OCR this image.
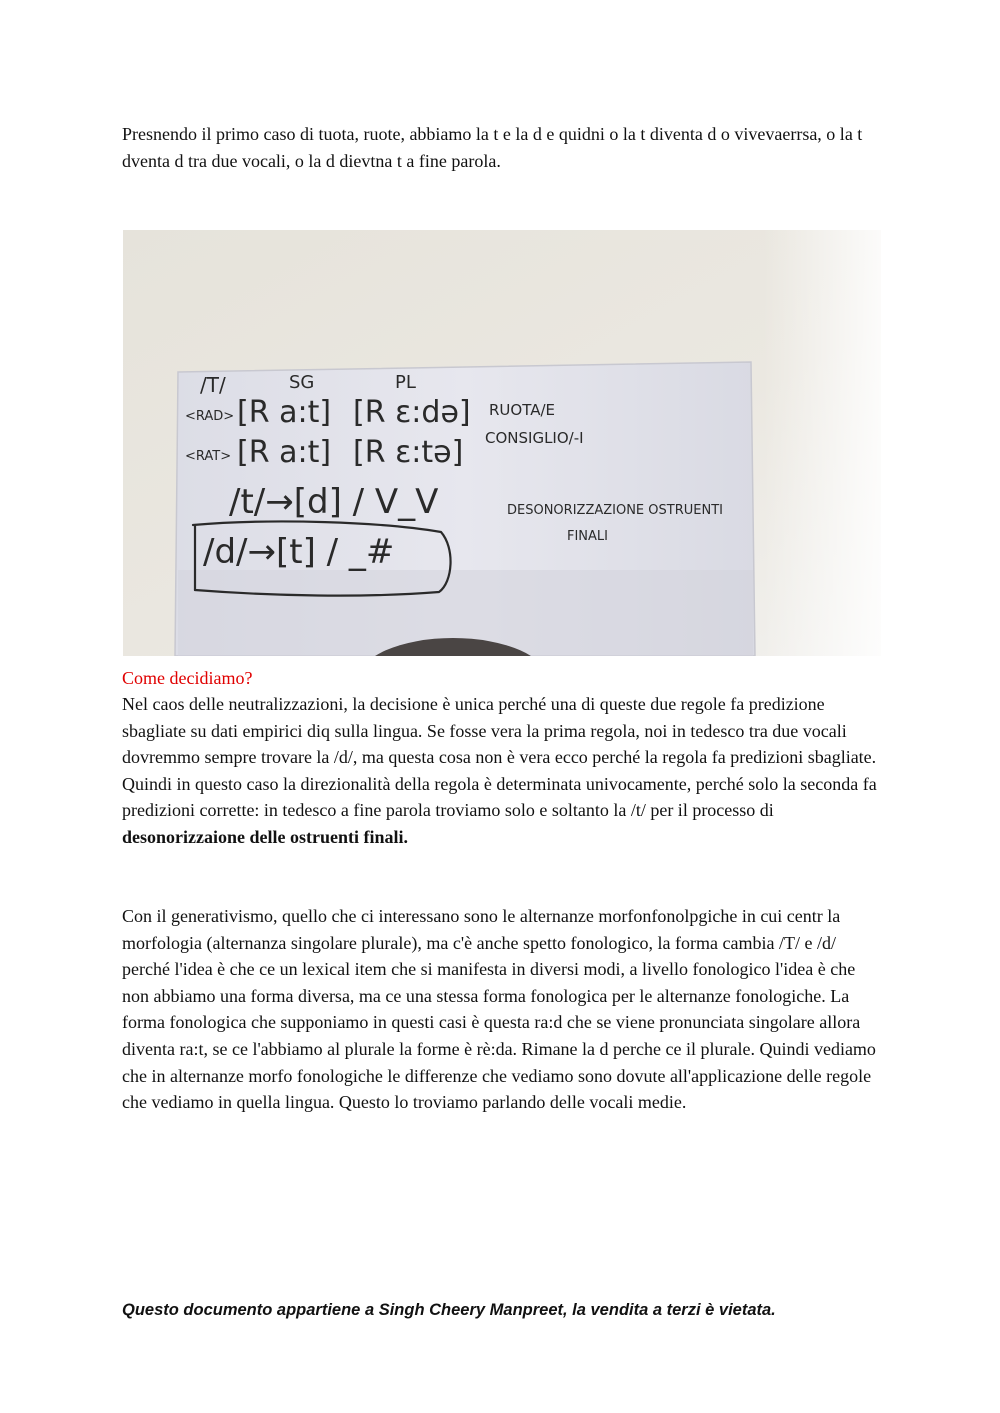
Presnendo il primo caso di tuota, ruote, abbiamo la t e la d e quidni o la t diventa d o vivevaerrsa, o la t dventa d tra due vocali, o la d dievtna t a fine parola.

/T/	SG	PL
<RAD> [R a:t] [R ɛ:də] RUOTA/E
<RAT> [R a:t] [R ɛ:tə] CONSIGLIO/-I
/t/→[d] / V_V	DESONORIZZAZIONE OSTRUENTI
FINALI
/d/→[t] / _#

Come decidiamo?

Nel caos delle neutralizzazioni, la decisione è unica perché una di queste due regole fa predizione sbagliate su dati empirici diq sulla lingua. Se fosse vera la prima regola, noi in tedesco tra due vocali dovremmo sempre trovare la /d/, ma questa cosa non è vera ecco perché la regola fa predizioni sbagliate. Quindi in questo caso la direzionalità della regola è determinata univocamente, perché solo la seconda fa predizioni corrette: in tedesco a fine parola troviamo solo e soltanto la /t/ per il processo di desonorizzaione delle ostruenti finali.

Con il generativismo, quello che ci interessano sono le alternanze morfonfonolpgiche in cui centr la morfologia (alternanza singolare plurale), ma c'è anche spetto fonologico, la forma cambia /T/ e /d/ perché l'idea è che ce un lexical item che si manifesta in diversi modi, a livello fonologico l'idea è che non abbiamo una forma diversa, ma ce una stessa forma fonologica per le alternanze fonologiche. La forma fonologica che supponiamo in questi casi è questa ra:d che se viene pronunciata singolare allora diventa ra:t, se ce l'abbiamo al plurale la forme è rè:da. Rimane la d perche ce il plurale. Quindi vediamo che in alternanze morfo fonologiche le differenze che vediamo sono dovute all'applicazione delle regole che vediamo in quella lingua. Questo lo troviamo parlando delle vocali medie.

Questo documento appartiene a Singh Cheery Manpreet, la vendita a terzi è vietata.
